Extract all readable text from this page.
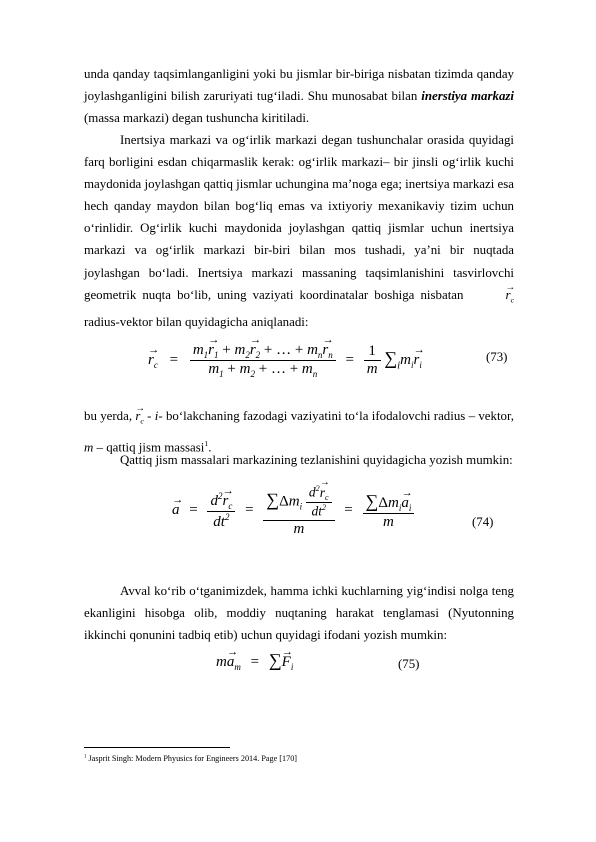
unda qanday taqsimlanganligini yoki bu jismlar bir-biriga nisbatan tizimda qanday joylashganligini bilish zaruriyati tug‘iladi. Shu munosabat bilan inerstiya markazi (massa markazi) degan tushuncha kiritiladi.

Inertsiya markazi va og‘irlik markazi degan tushunchalar orasida quyidagi farq borligini esdan chiqarmaslik kerak: og‘irlik markazi– bir jinsli og‘irlik kuchi maydonida joylashgan qattiq jismlar uchungina ma’noga ega; inertsiya markazi esa hech qanday maydon bilan bog‘liq emas va ixtiyoriy mexanikaviy tizim uchun o‘rinlidir. Og‘irlik kuchi maydonida joylashgan qattiq jismlar uchun inertsiya markazi va og‘irlik markazi bir-biri bilan mos tushadi, ya’ni bir nuqtada joylashgan bo‘ladi. Inertsiya markazi massaning taqsimlanishini tasvirlovchi geometrik nuqta bo‘lib, uning vaziyati koordinatalar boshiga nisbatan →	$r_c$ radius-vektor bilan quyidagicha aniqlanadi:

→ $r_c = \frac{m_1\to r_1 + m_2\to r_2 + \dots + m_n\to r_n}{m_1 + m_2 + \dots + m_n} = \frac{1}{m} \sum_im_i\to r_i$
(73)

bu yerda, → $r_c - i-$ bo‘lakchaning fazodagi vaziyatini to‘la ifodalovchi radius – vektor, m – qattiq jism massasi$^1$.

Qattiq jism massalari markazining tezlanishini quyidagicha yozish mumkin:

→ $a = \frac{d^2\to r_c}{dt^2} = \frac{\sum\Delta m_i \frac{d^2\to r_c}{dt^2}}{m} = \frac{\sum\Delta m_i\to a_i}{m}$	(74)

Avval ko‘rib o‘tganimizdek, hamma ichki kuchlarning yig‘indisi nolga teng ekanligini hisobga olib, moddiy nuqtaning harakat tenglamasi (Nyutonning ikkinchi qonunini tadbiq etib) uchun quyidagi ifodani yozish mumkin:

$m\to a_m$ = ∑→ $F_i$	(75)
$^1$ Jasprit Singh: Modern Phyusics for Engineers 2014. Page [170]
